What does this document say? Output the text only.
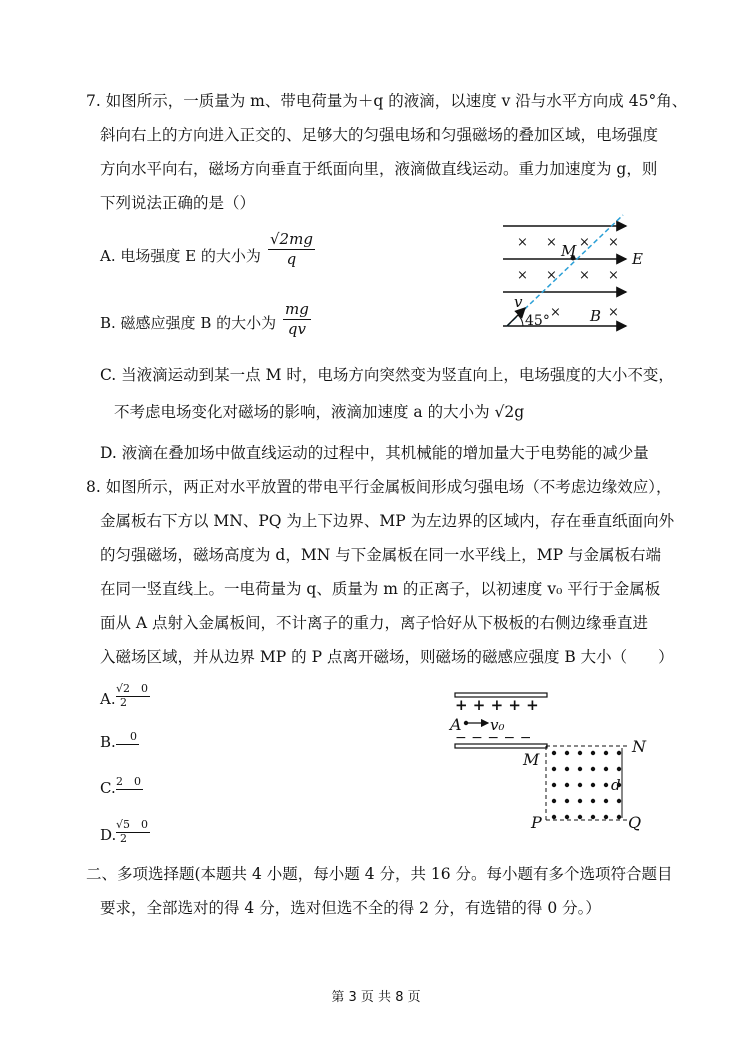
7. 如图所示，一质量为 m、带电荷量为＋q 的液滴，以速度 v 沿与水平方向成 45°角、
斜向右上的方向进入正交的、足够大的匀强电场和匀强磁场的叠加区域，电场强度
方向水平向右，磁场方向垂直于纸面向里，液滴做直线运动。重力加速度为 g，则
下列说法正确的是（）
A. 电场强度 E 的大小为 $\frac{√2mg}{q}$
B. 磁感应强度 B 的大小为 $\frac{mg}{qv}$
C. 当液滴运动到某一点 M 时，电场方向突然变为竖直向上，电场强度的大小不变，
不考虑电场变化对磁场的影响，液滴加速度 a 的大小为 √2g
D. 液滴在叠加场中做直线运动的过程中，其机械能的增加量大于电势能的减少量
× × × ×
× × × ×
×	×
M	E
v
45°	B
8. 如图所示，两正对水平放置的带电平行金属板间形成匀强电场（不考虑边缘效应），
金属板右下方以 MN、PQ 为上下边界、MP 为左边界的区域内，存在垂直纸面向外
的匀强磁场，磁场高度为 d，MN 与下金属板在同一水平线上，MP 与金属板右端
在同一竖直线上。一电荷量为 q、质量为 m 的正离子，以初速度 v₀ 平行于金属板
面从 A 点射入金属板间，不计离子的重力，离子恰好从下极板的右侧边缘垂直进
入磁场区域，并从边界 MP 的 P 点离开磁场，则磁场的磁感应强度 B 大小（　　）
A. $\frac{√2 0}{2}$
B.	0
C. 2　0
D. $\frac{√5 0}{2}$
+ + + + +
A v₀
− − − − −
M
N
d
P	Q
二、多项选择题(本题共 4 小题，每小题 4 分，共 16 分。每小题有多个选项符合题目
要求，全部选对的得 4 分，选对但选不全的得 2 分，有选错的得 0 分。）
第 3 页 共 8 页
